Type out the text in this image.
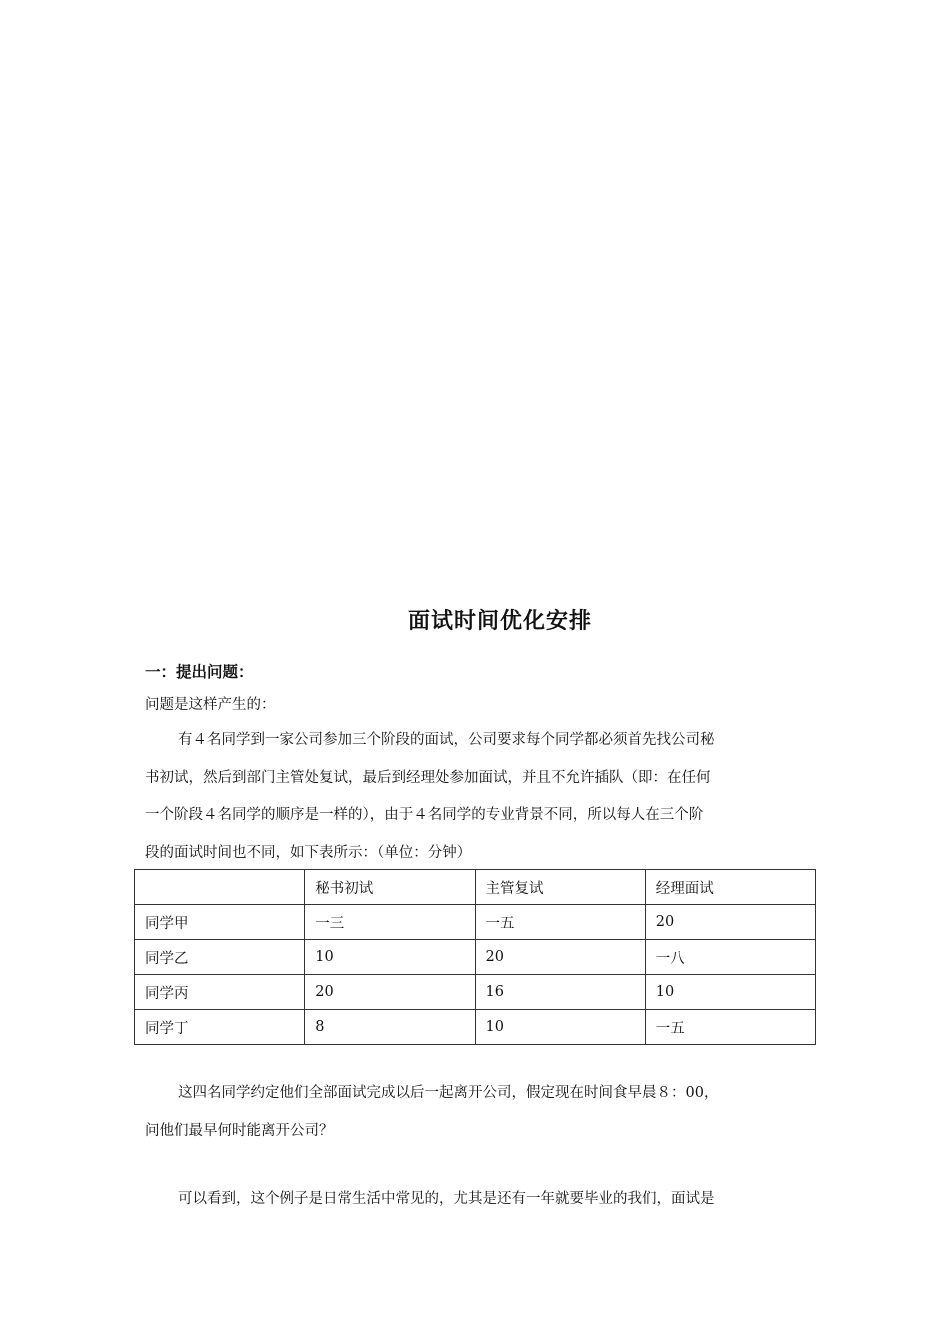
面试时间优化安排
一：提出问题：
问题是这样产生的：
有４名同学到一家公司参加三个阶段的面试，公司要求每个同学都必须首先找公司秘
书初试，然后到部门主管处复试，最后到经理处参加面试，并且不允许插队（即：在任何
一个阶段４名同学的顺序是一样的），由于４名同学的专业背景不同，所以每人在三个阶
段的面试时间也不同，如下表所示：（单位：分钟）
	秘书初试	主管复试	经理面试
同学甲	一三	一五	20
同学乙	10	20	一八
同学丙	20	16	10
同学丁	8	10	一五
这四名同学约定他们全部面试完成以后一起离开公司，假定现在时间食早晨８：00，
问他们最早何时能离开公司？
可以看到，这个例子是日常生活中常见的，尤其是还有一年就要毕业的我们，面试是
